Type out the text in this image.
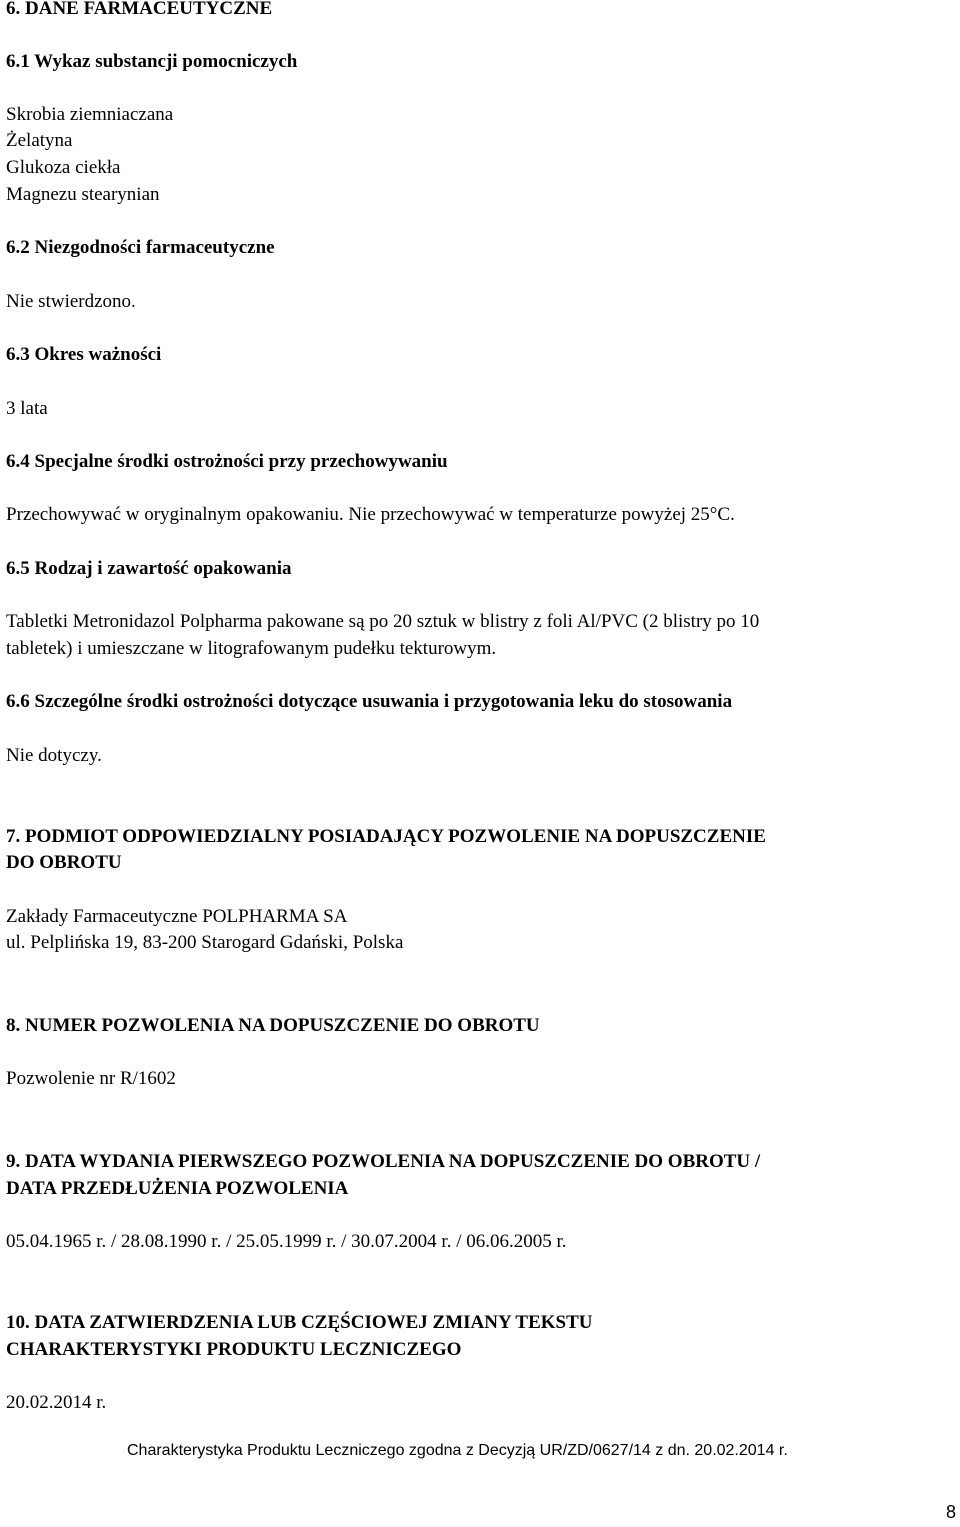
6. DANE FARMACEUTYCZNE
6.1 Wykaz substancji pomocniczych
Skrobia ziemniaczana
Żelatyna
Glukoza ciekła
Magnezu stearynian
6.2 Niezgodności farmaceutyczne
Nie stwierdzono.
6.3 Okres ważności
3 lata
6.4 Specjalne środki ostrożności przy przechowywaniu
Przechowywać w oryginalnym opakowaniu. Nie przechowywać w temperaturze powyżej 25°C.
6.5 Rodzaj i zawartość opakowania
Tabletki Metronidazol Polpharma pakowane są po 20 sztuk w blistry z foli Al/PVC (2 blistry po 10
tabletek) i umieszczane w litografowanym pudełku tekturowym.
6.6 Szczególne środki ostrożności dotyczące usuwania i przygotowania leku do stosowania
Nie dotyczy.
7. PODMIOT ODPOWIEDZIALNY POSIADAJĄCY POZWOLENIE NA DOPUSZCZENIE
DO OBROTU
Zakłady Farmaceutyczne POLPHARMA SA
ul. Pelplińska 19, 83-200 Starogard Gdański, Polska
8. NUMER POZWOLENIA NA DOPUSZCZENIE DO OBROTU
Pozwolenie nr R/1602
9. DATA WYDANIA PIERWSZEGO POZWOLENIA NA DOPUSZCZENIE DO OBROTU /
DATA PRZEDŁUŻENIA POZWOLENIA
05.04.1965 r. / 28.08.1990 r. / 25.05.1999 r. / 30.07.2004 r. / 06.06.2005 r.
10. DATA ZATWIERDZENIA LUB CZĘŚCIOWEJ ZMIANY TEKSTU
CHARAKTERYSTYKI PRODUKTU LECZNICZEGO
20.02.2014 r.
Charakterystyka Produktu Leczniczego zgodna z Decyzją UR/ZD/0627/14 z dn. 20.02.2014 r.
8
